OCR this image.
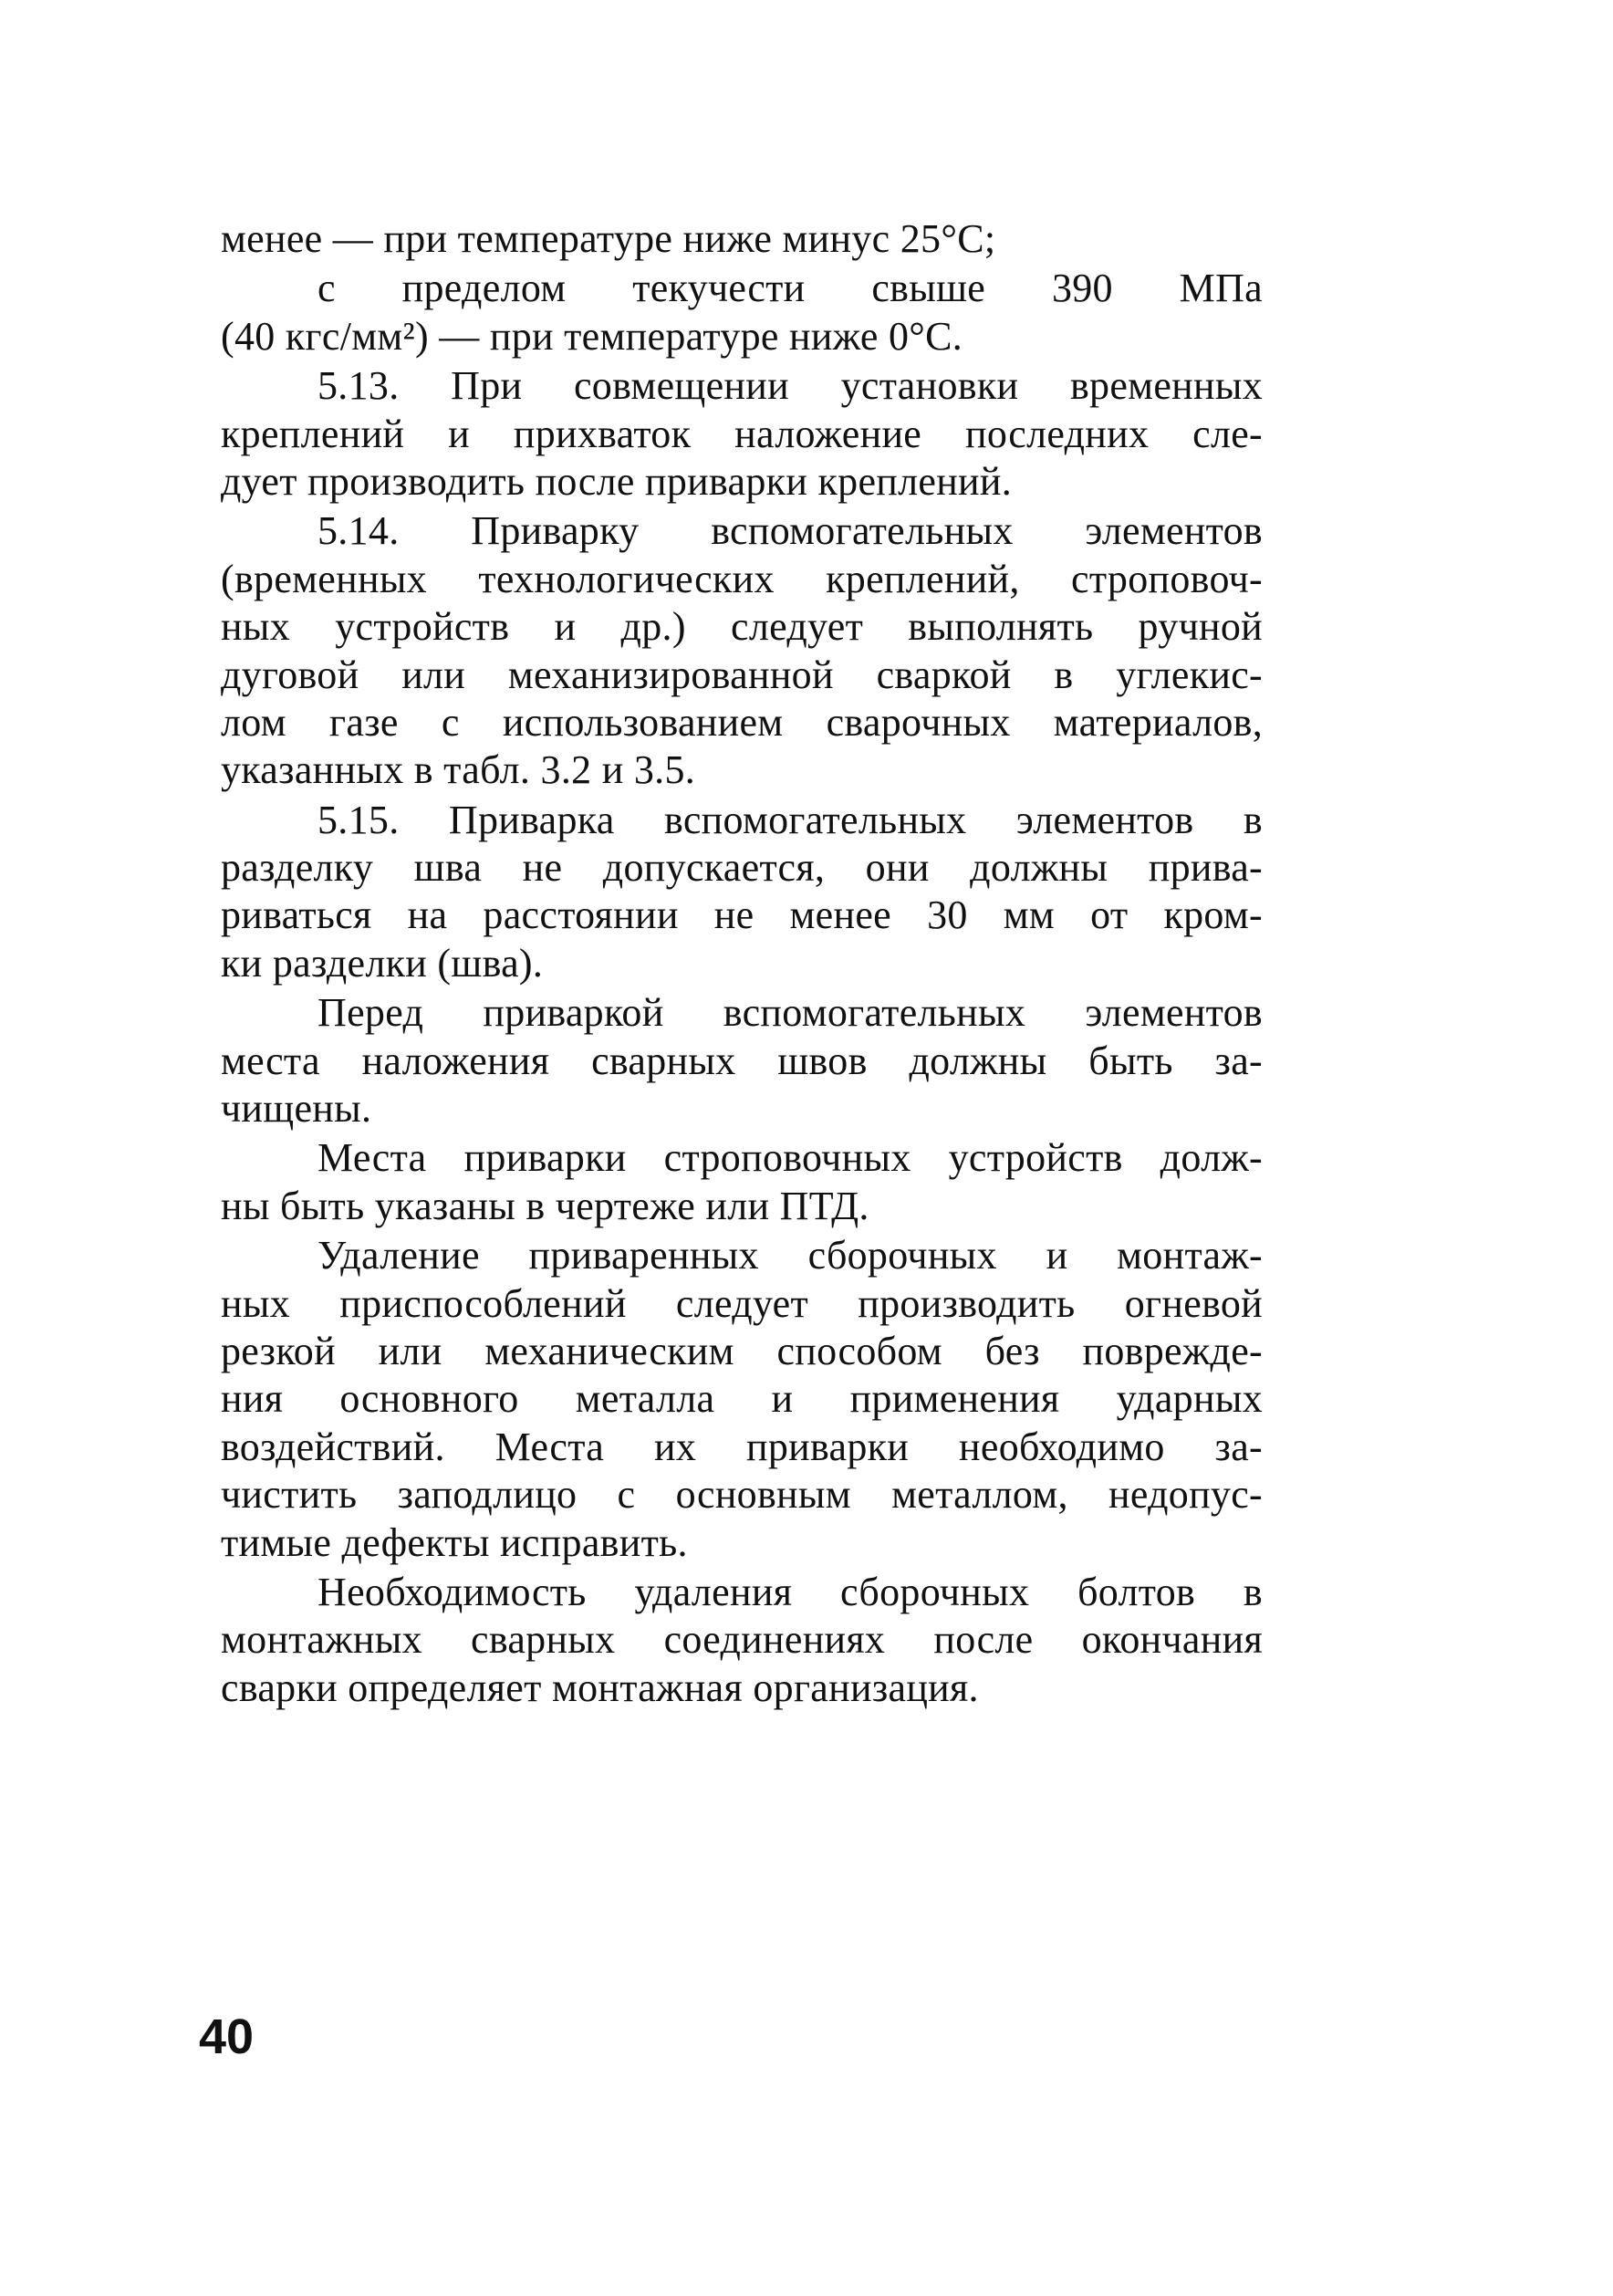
менее — при температуре ниже минус 25°C;
с пределом текучести свыше 390 МПа
(40 кгс/мм²) — при температуре ниже 0°C.
5.13. При совмещении установки временных
креплений и прихваток наложение последних сле-
дует производить после приварки креплений.
5.14. Приварку вспомогательных элементов
(временных технологических креплений, строповоч-
ных устройств и др.) следует выполнять ручной
дуговой или механизированной сваркой в углекис-
лом газе с использованием сварочных материалов,
указанных в табл. 3.2 и 3.5.
5.15. Приварка вспомогательных элементов в
разделку шва не допускается, они должны прива-
риваться на расстоянии не менее 30 мм от кром-
ки разделки (шва).
Перед приваркой вспомогательных элементов
места наложения сварных швов должны быть за-
чищены.
Места приварки строповочных устройств долж-
ны быть указаны в чертеже или ПТД.
Удаление приваренных сборочных и монтаж-
ных приспособлений следует производить огневой
резкой или механическим способом без поврежде-
ния основного металла и применения ударных
воздействий. Места их приварки необходимо за-
чистить заподлицо с основным металлом, недопус-
тимые дефекты исправить.
Необходимость удаления сборочных болтов в
монтажных сварных соединениях после окончания
сварки определяет монтажная организация.
40
